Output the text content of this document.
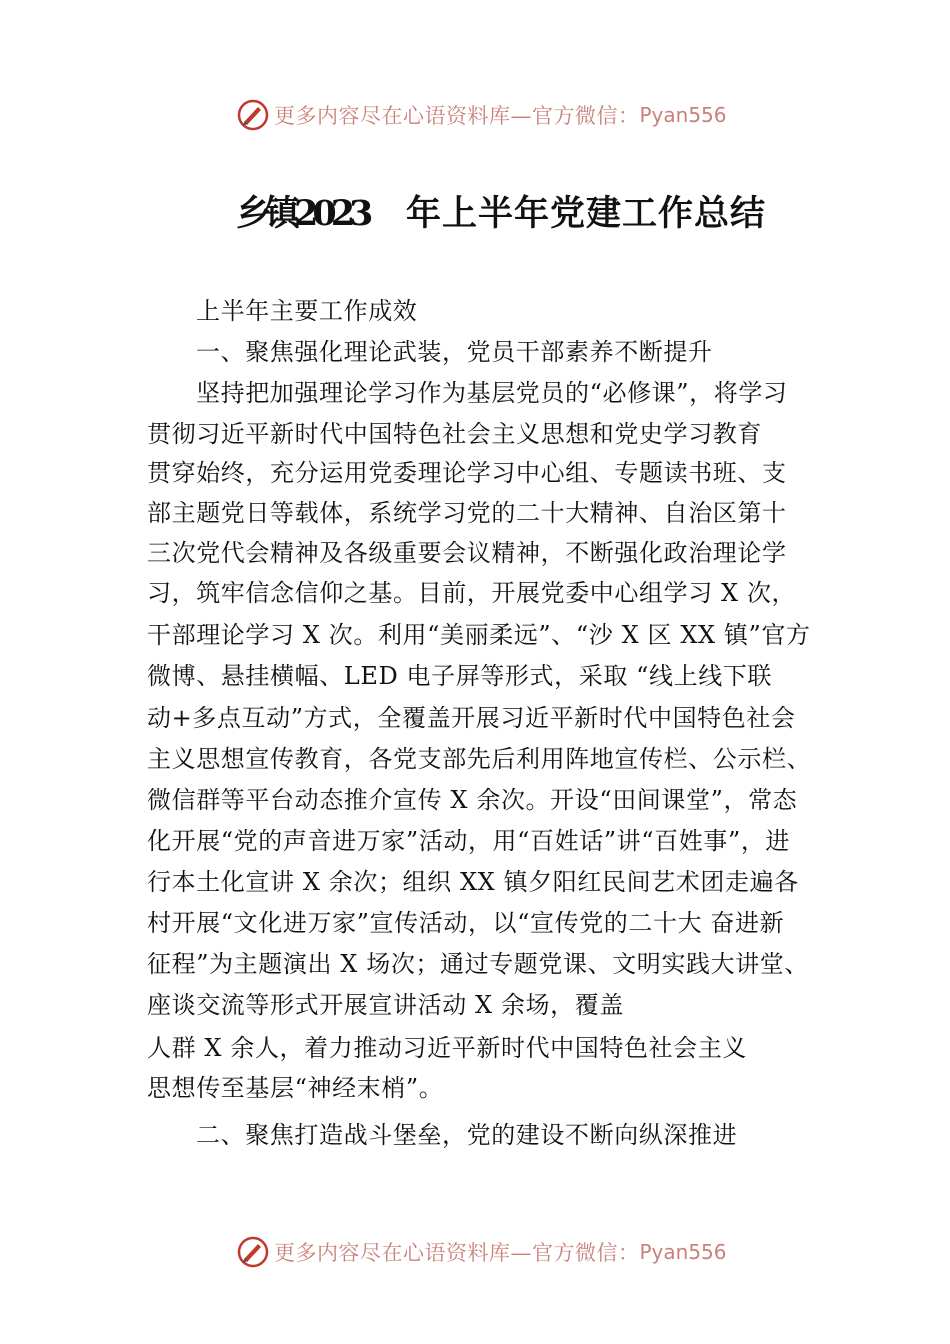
更多内容尽在心语资料库—官方微信： Pyan556
乡镇2023 年上半年党建工作总结
上半年主要工作成效
一、聚焦强化理论武装，党员干部素养不断提升
坚持把加强理论学习作为基层党员的“必修课”，将学习
贯彻习近平新时代中国特色社会主义思想和党史学习教育
贯穿始终，充分运用党委理论学习中心组、专题读书班、支
部主题党日等载体，系统学习党的二十大精神、自治区第十
三次党代会精神及各级重要会议精神，不断强化政治理论学
习，筑牢信念信仰之基。目前，开展党委中心组学习 X 次，
干部理论学习 X 次。利用“美丽柔远”、“沙 X 区 XX 镇”官方
微博、悬挂横幅、LED 电子屏等形式，采取 “线上线下联
动+多点互动”方式，全覆盖开展习近平新时代中国特色社会
主义思想宣传教育，各党支部先后利用阵地宣传栏、公示栏、
微信群等平台动态推介宣传 X 余次。开设“田间课堂”，常态
化开展“党的声音进万家”活动，用“百姓话”讲“百姓事”，进
行本土化宣讲 X 余次；组织 XX 镇夕阳红民间艺术团走遍各
村开展“文化进万家”宣传活动，以“宣传党的二十大 奋进新
征程”为主题演出 X 场次；通过专题党课、文明实践大讲堂、
座谈交流等形式开展宣讲活动 X 余场，覆盖
人群 X 余人，着力推动习近平新时代中国特色社会主义
思想传至基层“神经末梢”。
二、聚焦打造战斗堡垒，党的建设不断向纵深推进
更多内容尽在心语资料库—官方微信： Pyan556
